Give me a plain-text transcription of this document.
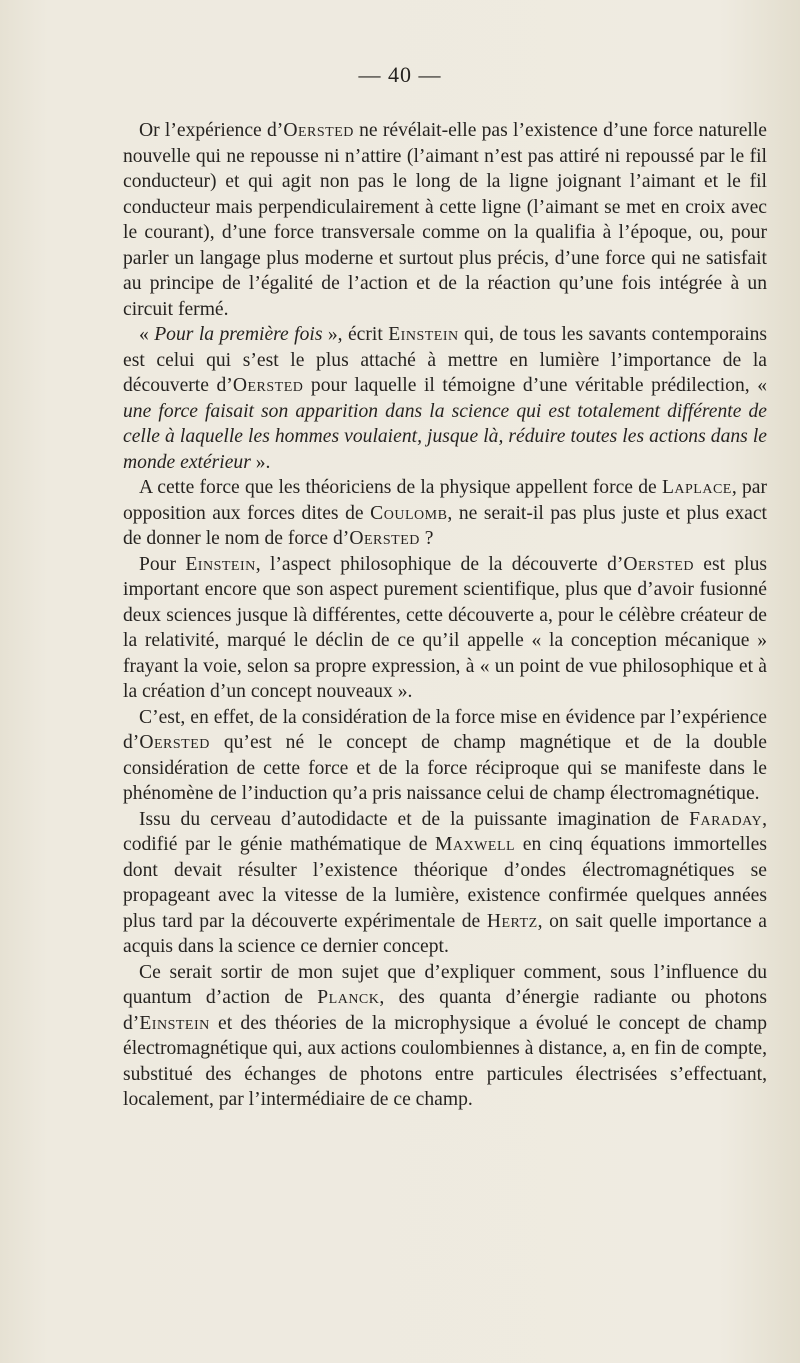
— 40 —

Or l’expérience d’Oersted ne révélait-elle pas l’existence d’une force naturelle nouvelle qui ne repousse ni n’attire (l’aimant n’est pas attiré ni repoussé par le fil conducteur) et qui agit non pas le long de la ligne joignant l’aimant et le fil conducteur mais perpendiculairement à cette ligne (l’aimant se met en croix avec le courant), d’une force transversale comme on la qualifia à l’époque, ou, pour parler un langage plus moderne et surtout plus précis, d’une force qui ne satisfait au principe de l’égalité de l’action et de la réaction qu’une fois intégrée à un circuit fermé.

« Pour la première fois », écrit Einstein qui, de tous les savants contemporains est celui qui s’est le plus attaché à mettre en lumière l’importance de la découverte d’Oersted pour laquelle il témoigne d’une véritable prédilection, « une force faisait son apparition dans la science qui est totalement différente de celle à laquelle les hommes voulaient, jusque là, réduire toutes les actions dans le monde extérieur ».

A cette force que les théoriciens de la physique appellent force de Laplace, par opposition aux forces dites de Coulomb, ne serait-il pas plus juste et plus exact de donner le nom de force d’Oersted ?

Pour Einstein, l’aspect philosophique de la découverte d’Oersted est plus important encore que son aspect purement scientifique, plus que d’avoir fusionné deux sciences jusque là différentes, cette découverte a, pour le célèbre créateur de la relativité, marqué le déclin de ce qu’il appelle « la conception mécanique » frayant la voie, selon sa propre expression, à « un point de vue philosophique et à la création d’un concept nouveaux ».

C’est, en effet, de la considération de la force mise en évidence par l’expérience d’Oersted qu’est né le concept de champ magnétique et de la double considération de cette force et de la force réciproque qui se manifeste dans le phénomène de l’induction qu’a pris naissance celui de champ électromagnétique.

Issu du cerveau d’autodidacte et de la puissante imagination de Faraday, codifié par le génie mathématique de Maxwell en cinq équations immortelles dont devait résulter l’existence théorique d’ondes électromagnétiques se propageant avec la vitesse de la lumière, existence confirmée quelques années plus tard par la découverte expérimentale de Hertz, on sait quelle importance a acquis dans la science ce dernier concept.

Ce serait sortir de mon sujet que d’expliquer comment, sous l’influence du quantum d’action de Planck, des quanta d’énergie radiante ou photons d’Einstein et des théories de la microphysique a évolué le concept de champ électromagnétique qui, aux actions coulombiennes à distance, a, en fin de compte, substitué des échanges de photons entre particules électrisées s’effectuant, localement, par l’intermédiaire de ce champ.
